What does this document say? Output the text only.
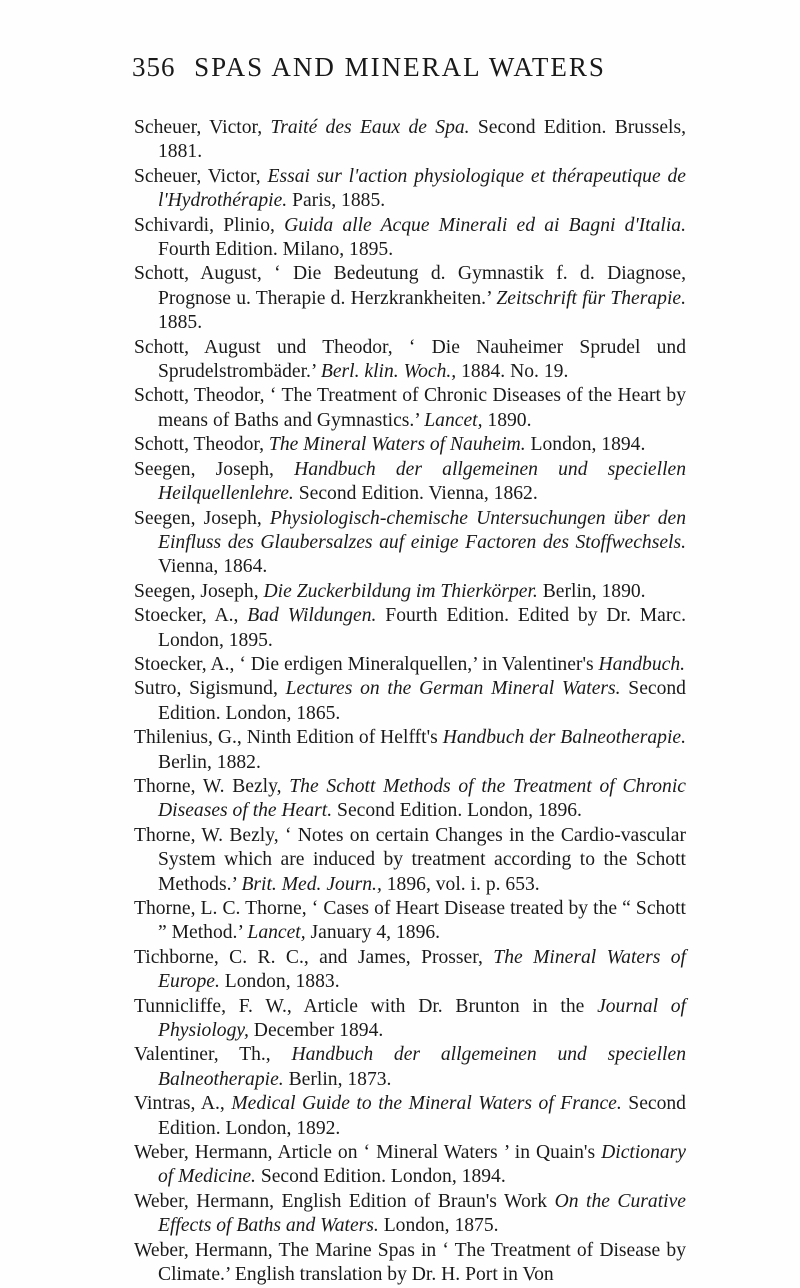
356 SPAS AND MINERAL WATERS
Scheuer, Victor, Traité des Eaux de Spa. Second Edition. Brussels, 1881.
Scheuer, Victor, Essai sur l'action physiologique et thérapeutique de l'Hydrothérapie. Paris, 1885.
Schivardi, Plinio, Guida alle Acque Minerali ed ai Bagni d'Italia. Fourth Edition. Milano, 1895.
Schott, August, ‘ Die Bedeutung d. Gymnastik f. d. Diagnose, Prognose u. Therapie d. Herzkrankheiten.’ Zeitschrift für Therapie. 1885.
Schott, August und Theodor, ‘ Die Nauheimer Sprudel und Sprudelstrombäder.’ Berl. klin. Woch., 1884. No. 19.
Schott, Theodor, ‘ The Treatment of Chronic Diseases of the Heart by means of Baths and Gymnastics.’ Lancet, 1890.
Schott, Theodor, The Mineral Waters of Nauheim. London, 1894.
Seegen, Joseph, Handbuch der allgemeinen und speciellen Heilquellenlehre. Second Edition. Vienna, 1862.
Seegen, Joseph, Physiologisch-chemische Untersuchungen über den Einfluss des Glaubersalzes auf einige Factoren des Stoffwechsels. Vienna, 1864.
Seegen, Joseph, Die Zuckerbildung im Thierkörper. Berlin, 1890.
Stoecker, A., Bad Wildungen. Fourth Edition. Edited by Dr. Marc. London, 1895.
Stoecker, A., ‘ Die erdigen Mineralquellen,’ in Valentiner's Handbuch.
Sutro, Sigismund, Lectures on the German Mineral Waters. Second Edition. London, 1865.
Thilenius, G., Ninth Edition of Helfft's Handbuch der Balneotherapie. Berlin, 1882.
Thorne, W. Bezly, The Schott Methods of the Treatment of Chronic Diseases of the Heart. Second Edition. London, 1896.
Thorne, W. Bezly, ‘ Notes on certain Changes in the Cardio-vascular System which are induced by treatment according to the Schott Methods.’ Brit. Med. Journ., 1896, vol. i. p. 653.
Thorne, L. C. Thorne, ‘ Cases of Heart Disease treated by the “ Schott ” Method.’ Lancet, January 4, 1896.
Tichborne, C. R. C., and James, Prosser, The Mineral Waters of Europe. London, 1883.
Tunnicliffe, F. W., Article with Dr. Brunton in the Journal of Physiology, December 1894.
Valentiner, Th., Handbuch der allgemeinen und speciellen Balneotherapie. Berlin, 1873.
Vintras, A., Medical Guide to the Mineral Waters of France. Second Edition. London, 1892.
Weber, Hermann, Article on ‘ Mineral Waters ’ in Quain's Dictionary of Medicine. Second Edition. London, 1894.
Weber, Hermann, English Edition of Braun's Work On the Curative Effects of Baths and Waters. London, 1875.
Weber, Hermann, The Marine Spas in ‘ The Treatment of Disease by Climate.’ English translation by Dr. H. Port in Von
